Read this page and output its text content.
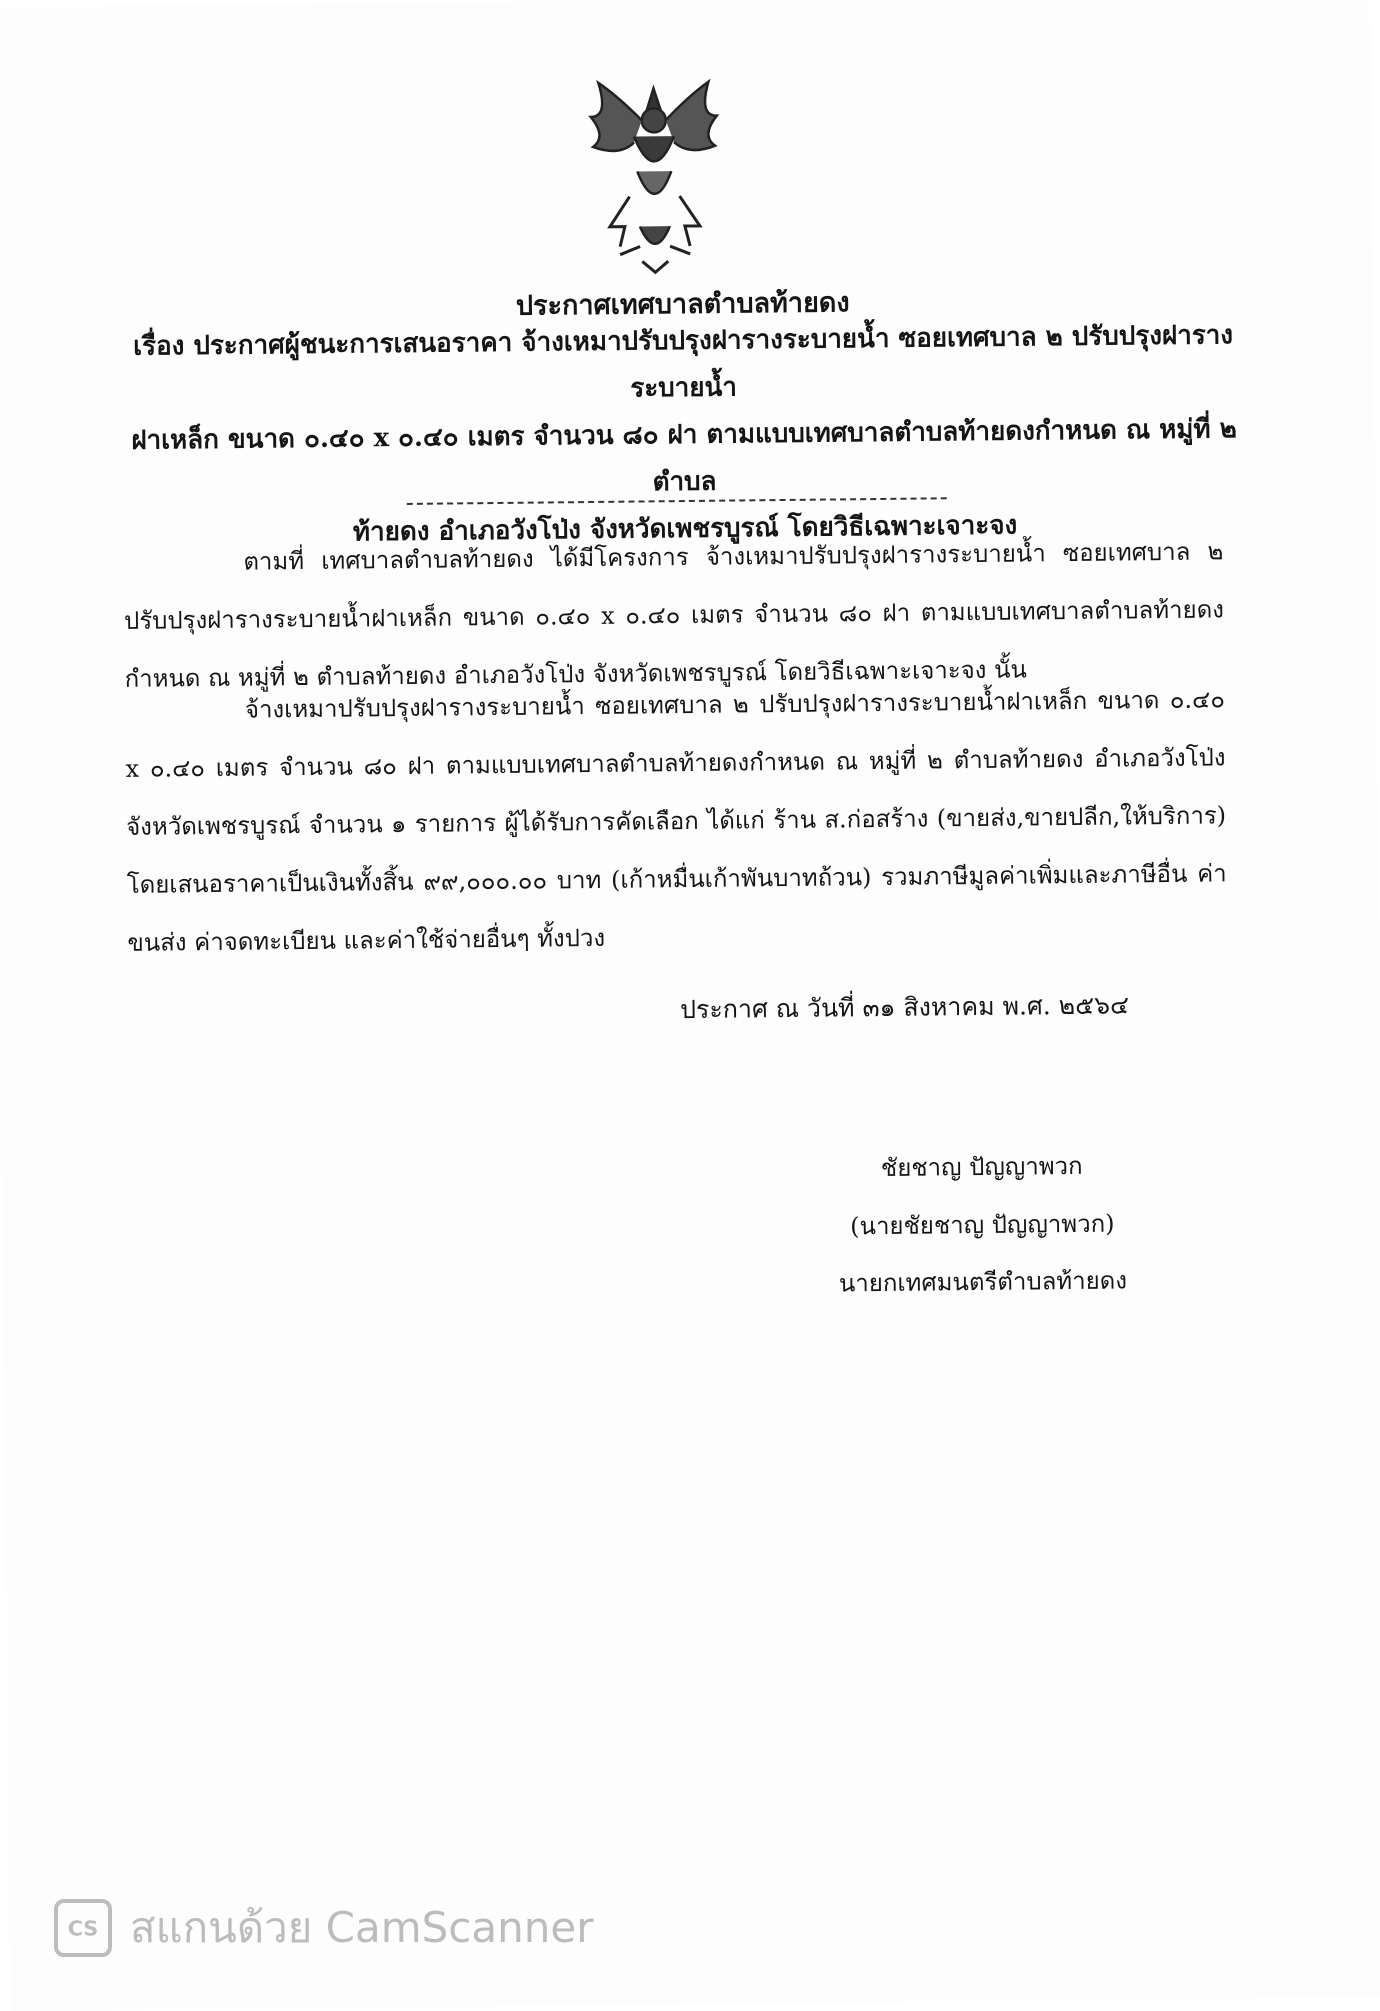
ประกาศเทศบาลตำบลท้ายดง
เรื่อง ประกาศผู้ชนะการเสนอราคา จ้างเหมาปรับปรุงฝารางระบายน้ำ ซอยเทศบาล ๒ ปรับปรุงฝารางระบายน้ำ
ฝาเหล็ก ขนาด ๐.๔๐ x ๐.๔๐ เมตร จำนวน ๘๐ ฝา ตามแบบเทศบาลตำบลท้ายดงกำหนด ณ หมู่ที่ ๒ ตำบล
ท้ายดง อำเภอวังโป่ง จังหวัดเพชรบูรณ์ โดยวิธีเฉพาะเจาะจง
ตามที่ เทศบาลตำบลท้ายดง ได้มีโครงการ จ้างเหมาปรับปรุงฝารางระบายน้ำ ซอยเทศบาล ๒ ปรับปรุงฝารางระบายน้ำฝาเหล็ก ขนาด ๐.๔๐ x ๐.๔๐ เมตร จำนวน ๘๐ ฝา ตามแบบเทศบาลตำบลท้ายดงกำหนด ณ หมู่ที่ ๒ ตำบลท้ายดง อำเภอวังโป่ง จังหวัดเพชรบูรณ์ โดยวิธีเฉพาะเจาะจง นั้น
จ้างเหมาปรับปรุงฝารางระบายน้ำ ซอยเทศบาล ๒ ปรับปรุงฝารางระบายน้ำฝาเหล็ก ขนาด ๐.๔๐ x ๐.๔๐ เมตร จำนวน ๘๐ ฝา ตามแบบเทศบาลตำบลท้ายดงกำหนด ณ หมู่ที่ ๒ ตำบลท้ายดง อำเภอวังโป่ง จังหวัดเพชรบูรณ์ จำนวน ๑ รายการ ผู้ได้รับการคัดเลือก ได้แก่ ร้าน ส.ก่อสร้าง (ขายส่ง,ขายปลีก,ให้บริการ) โดยเสนอราคาเป็นเงินทั้งสิ้น ๙๙,๐๐๐.๐๐ บาท (เก้าหมื่นเก้าพันบาทถ้วน) รวมภาษีมูลค่าเพิ่มและภาษีอื่น ค่าขนส่ง ค่าจดทะเบียน และค่าใช้จ่ายอื่นๆ ทั้งปวง
ประกาศ ณ วันที่ ๓๑ สิงหาคม พ.ศ. ๒๕๖๔
ชัยชาญ ปัญญาพวก
(นายชัยชาญ ปัญญาพวก)
นายกเทศมนตรีตำบลท้ายดง
CS สแกนด้วย CamScanner
